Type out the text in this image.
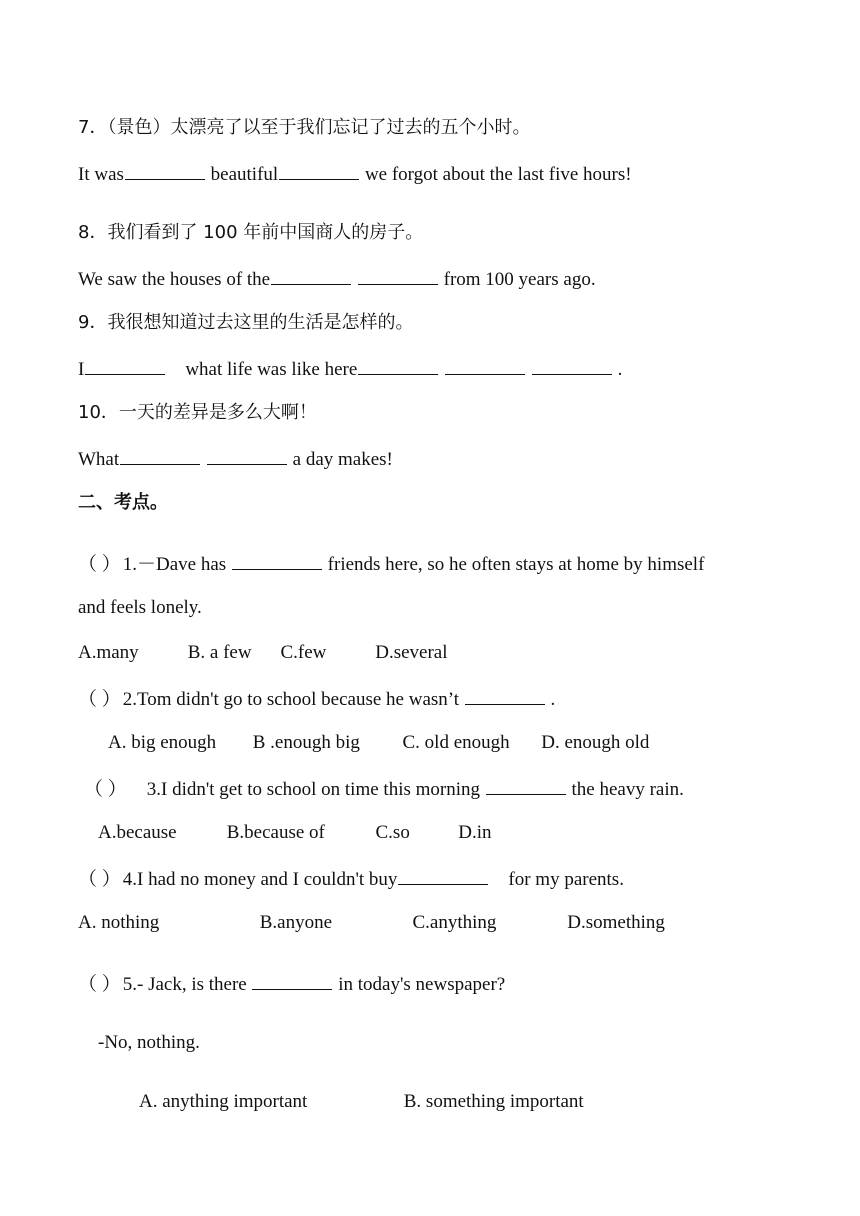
7．（景色）太漂亮了以至于我们忘记了过去的五个小时。
It was	beautiful	we forgot about the last five hours!
8．我们看到了 100 年前中国商人的房子。
We saw the houses of the	from 100 years ago.
9．我很想知道过去这里的生活是怎样的。
I	what life was like here	.
10．一天的差异是多么大啊！
What	a day makes!
二、考点。
（ ） 1.－Dave has	friends here, so he often stays at home by himself
and feels lonely.
A.many	B. a few C.few	D.several
（ ） 2.Tom didn't go to school because he wasn’t	.
A. big enough B .enough big C. old enough D. enough old
（ ） 3.I didn't get to school on time this morning	the heavy rain.
A.because	B.because of	C.so	D.in
（ ） 4.I had no money and I couldn't buy	for my parents.
A. nothing	B.anyone	C.anything	D.something
（ ） 5.- Jack, is there	in today's newspaper?
-No, nothing.
A. anything important	B. something important
